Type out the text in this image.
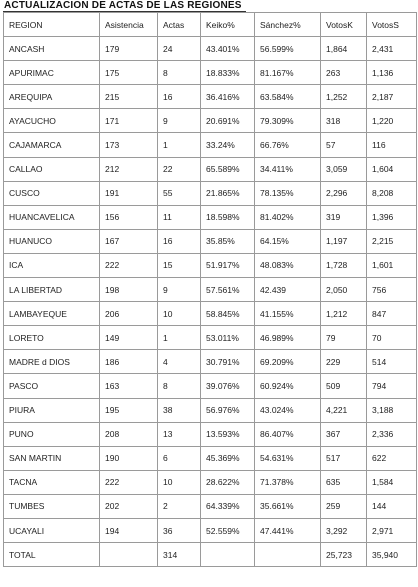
ACTUALIZACION DE ACTAS DE LAS REGIONES
REGION	Asistencia	Actas	Keiko%	Sánchez%	VotosK	VotosS
ANCASH	179	24	43.401%	56.599%	1,864	2,431
APURIMAC	175	8	18.833%	81.167%	263	1,136
AREQUIPA	215	16	36.416%	63.584%	1,252	2,187
AYACUCHO	171	9	20.691%	79.309%	318	1,220
CAJAMARCA	173	1	33.24%	66.76%	57	116
CALLAO	212	22	65.589%	34.411%	3,059	1,604
CUSCO	191	55	21.865%	78.135%	2,296	8,208
HUANCAVELICA	156	11	18.598%	81.402%	319	1,396
HUANUCO	167	16	35.85%	64.15%	1,197	2,215
ICA	222	15	51.917%	48.083%	1,728	1,601
LA LIBERTAD	198	9	57.561%	42.439	2,050	756
LAMBAYEQUE	206	10	58.845%	41.155%	1,212	847
LORETO	149	1	53.011%	46.989%	79	70
MADRE d DIOS	186	4	30.791%	69.209%	229	514
PASCO	163	8	39.076%	60.924%	509	794
PIURA	195	38	56.976%	43.024%	4,221	3,188
PUNO	208	13	13.593%	86.407%	367	2,336
SAN MARTIN	190	6	45.369%	54.631%	517	622
TACNA	222	10	28.622%	71.378%	635	1,584
TUMBES	202	2	64.339%	35.661%	259	144
UCAYALI	194	36	52.559%	47.441%	3,292	2,971
TOTAL		314			25,723	35,940
